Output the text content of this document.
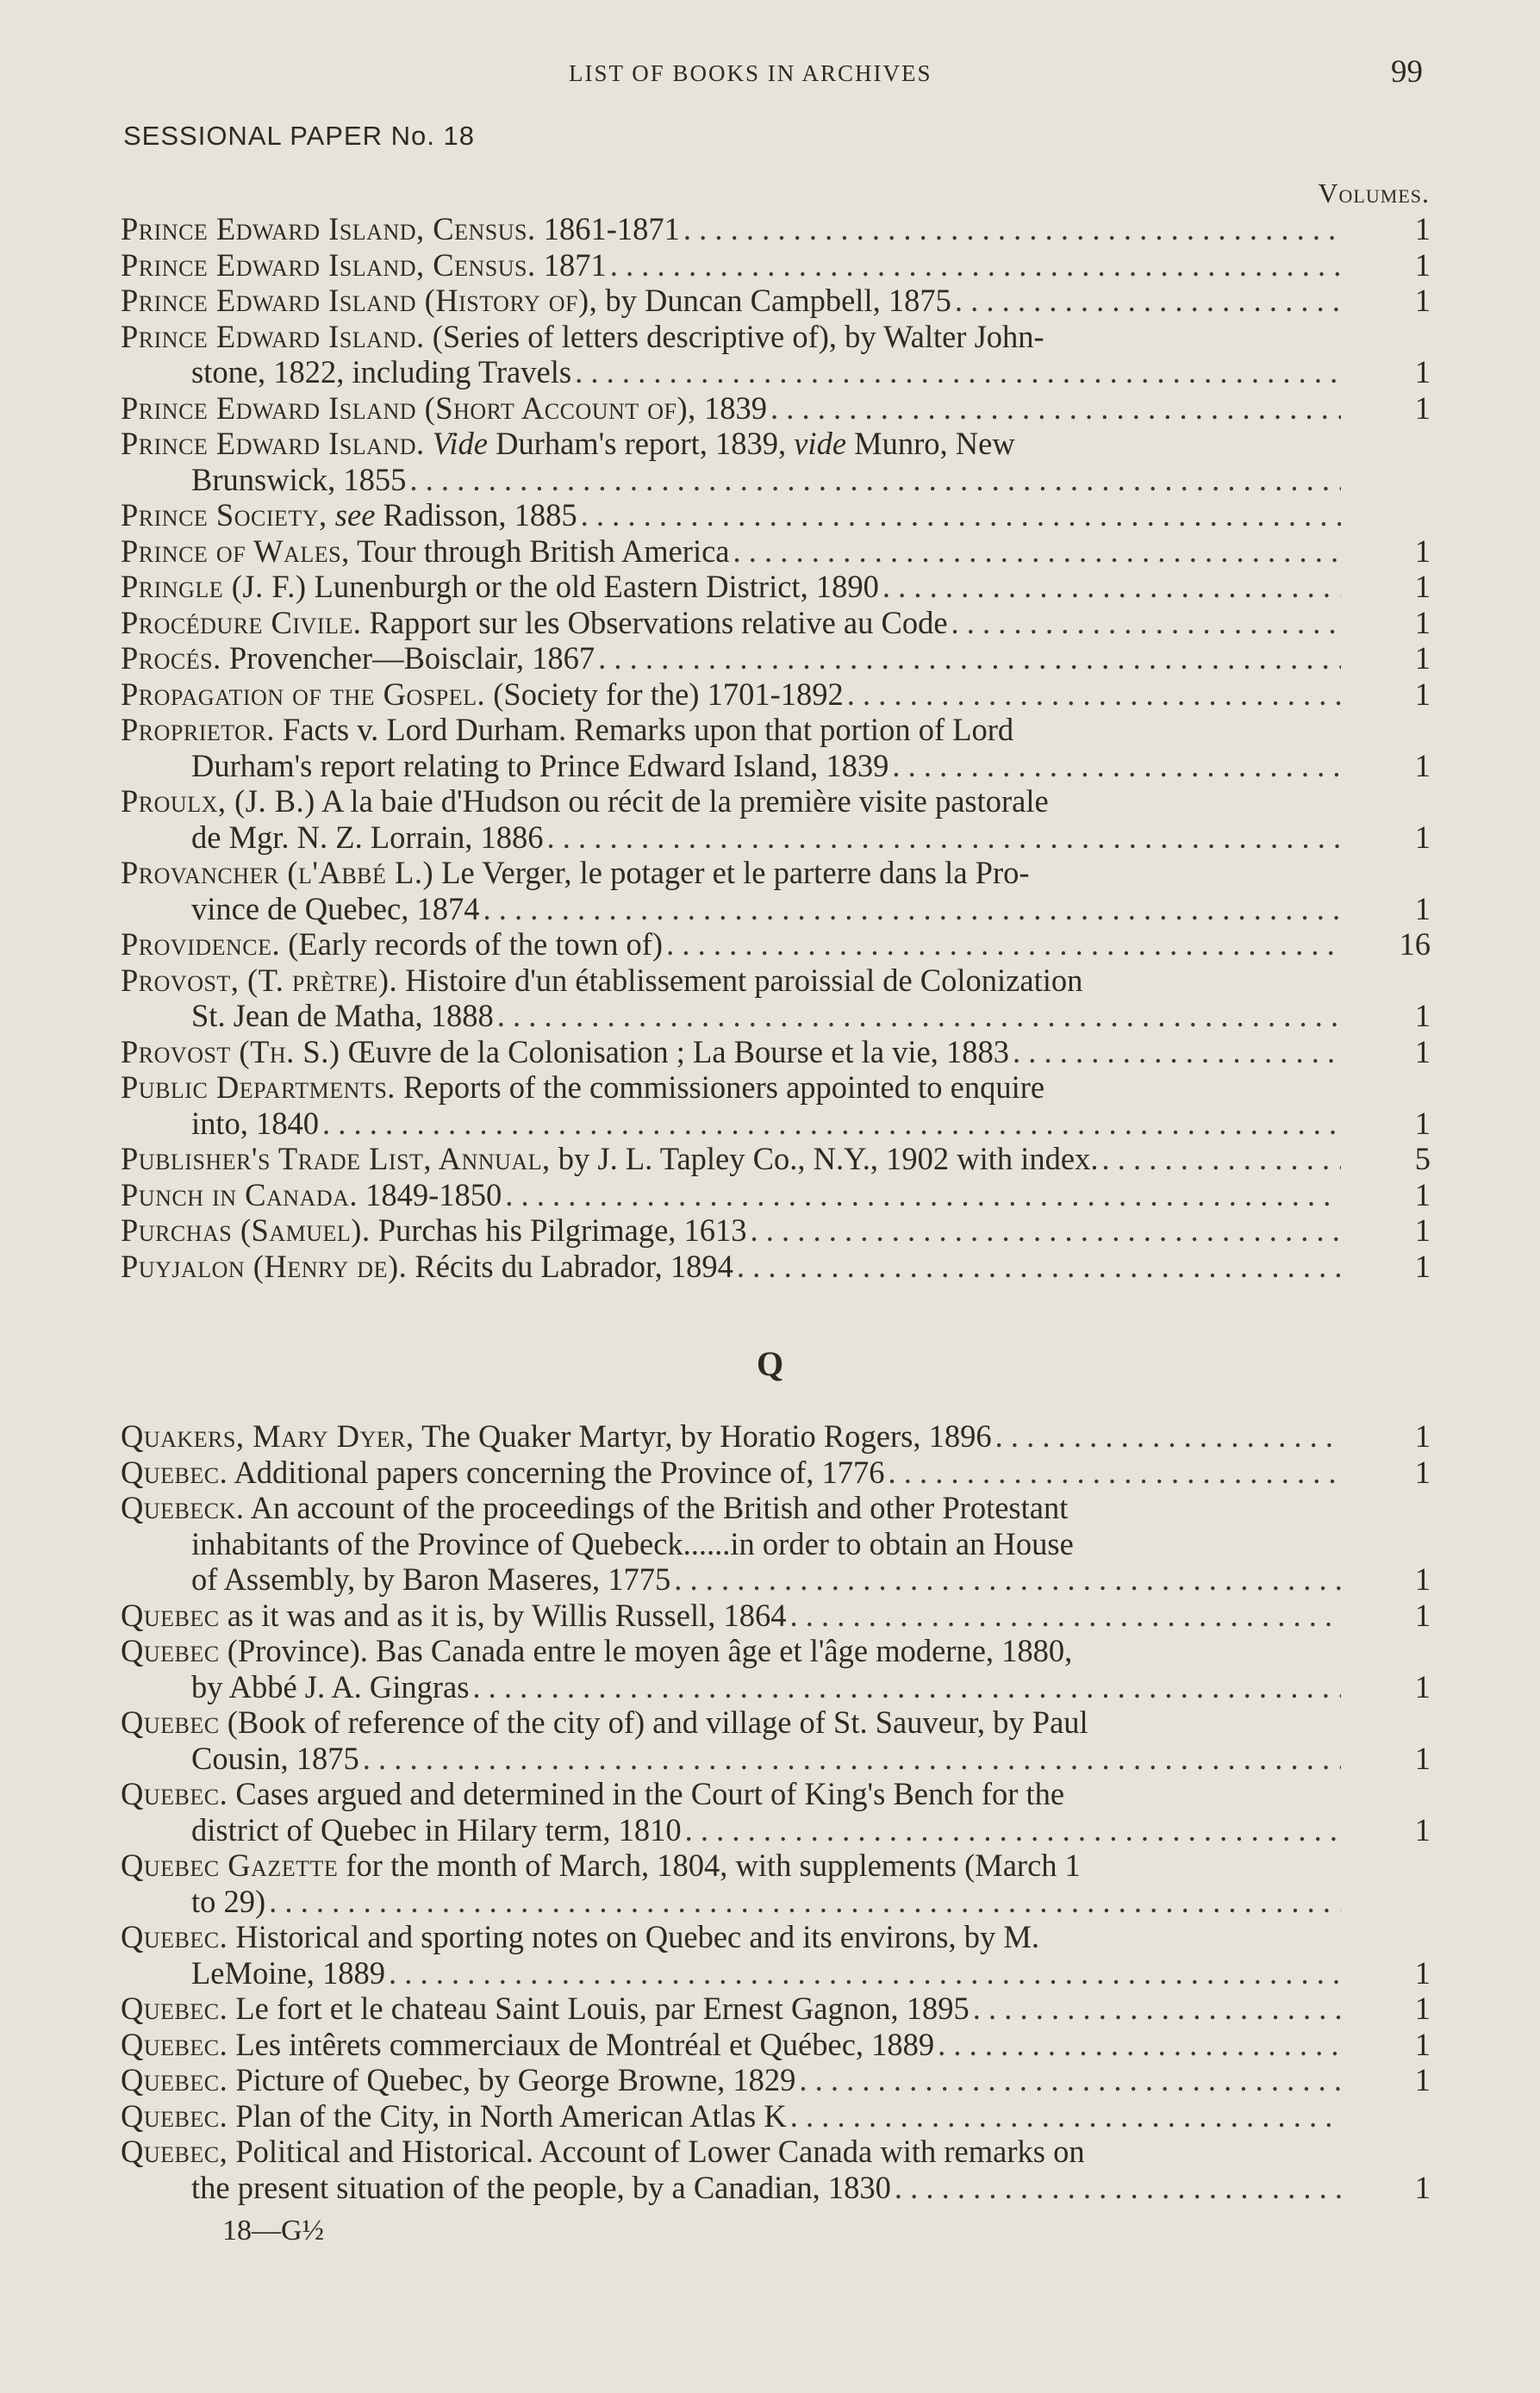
LIST OF BOOKS IN ARCHIVES	99
SESSIONAL PAPER No. 18
Volumes.
Prince Edward Island, Census. 1861-1871 . . .	1
Prince Edward Island, Census. 1871 . . .	1
Prince Edward Island (History of), by Duncan Campbell, 1875 . . .	1
Prince Edward Island. (Series of letters descriptive of), by Walter John-
stone, 1822, including Travels . . .	1
Prince Edward Island (Short Account of), 1839 . . .	1
Prince Edward Island. Vide Durham's report, 1839, vide Munro, New
Brunswick, 1855
. . .
Prince Society, see Radisson, 1885
. . .
Prince of Wales, Tour through British America . . .	1
Pringle (J. F.) Lunenburgh or the old Eastern District, 1890 . . .	1
Procédure Civile. Rapport sur les Observations relative au Code . . .	1
Procés. Provencher—Boisclair, 1867 . . .	1
Propagation of the Gospel. (Society for the) 1701-1892 . . .	1
Proprietor. Facts v. Lord Durham. Remarks upon that portion of Lord
Durham's report relating to Prince Edward Island, 1839 . . .	1
Proulx, (J. B.) A la baie d'Hudson ou récit de la première visite pastorale
de Mgr. N. Z. Lorrain, 1886 . . .	1
Provancher (l'Abbé L.) Le Verger, le potager et le parterre dans la Pro-
vince de Quebec, 1874 . . .	1
Providence. (Early records of the town of) . . .	16
Provost, (T. prètre). Histoire d'un établissement paroissial de Colonization
St. Jean de Matha, 1888 . . .	1
Provost (Th. S.) Œuvre de la Colonisation ; La Bourse et la vie, 1883 . . .	1
Public Departments. Reports of the commissioners appointed to enquire
into, 1840 . . .	1
Publisher's Trade List, Annual, by J. L. Tapley Co., N.Y., 1902 with index. . . .	5
Punch in Canada. 1849-1850 . . .	1
Purchas (Samuel). Purchas his Pilgrimage, 1613 . . .	1
Puyjalon (Henry de). Récits du Labrador, 1894 . . .	1
Q
Quakers, Mary Dyer, The Quaker Martyr, by Horatio Rogers, 1896 . . .	1
Quebec. Additional papers concerning the Province of, 1776 . . .	1
Quebeck. An account of the proceedings of the British and other Protestant
inhabitants of the Province of Quebeck......in order to obtain an House
of Assembly, by Baron Maseres, 1775 . . .	1
Quebec as it was and as it is, by Willis Russell, 1864 . . .	1
Quebec (Province). Bas Canada entre le moyen âge et l'âge moderne, 1880,
by Abbé J. A. Gingras . . .	1
Quebec (Book of reference of the city of) and village of St. Sauveur, by Paul
Cousin, 1875 . . .	1
Quebec. Cases argued and determined in the Court of King's Bench for the
district of Quebec in Hilary term, 1810 . . .	1
Quebec Gazette for the month of March, 1804, with supplements (March 1
to 29)
. . .
Quebec. Historical and sporting notes on Quebec and its environs, by M.
LeMoine, 1889 . . .	1
Quebec. Le fort et le chateau Saint Louis, par Ernest Gagnon, 1895 . . .	1
Quebec. Les intêrets commerciaux de Montréal et Québec, 1889 . . .	1
Quebec. Picture of Quebec, by George Browne, 1829 . . .	1
Quebec. Plan of the City, in North American Atlas K
. . .
Quebec, Political and Historical. Account of Lower Canada with remarks on
the present situation of the people, by a Canadian, 1830 . . .	1
18—G½
